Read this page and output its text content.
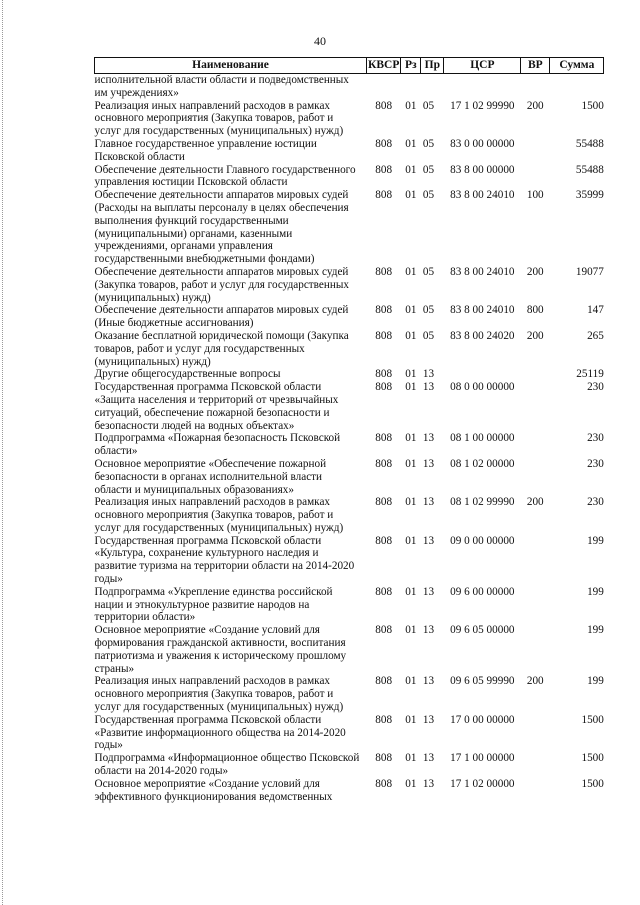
40
Наименование	КВСР	Рз	Пр	ЦСР	ВР	Сумма
исполнительной власти области и подведомственных им учреждениях»						
Реализация иных направлений расходов в рамках основного мероприятия (Закупка товаров, работ и услуг для государственных (муниципальных) нужд)	808	01	05	17 1 02 99990	200	1500
Главное государственное управление юстиции Псковской области	808	01	05	83 0 00 00000		55488
Обеспечение деятельности Главного государственного управления юстиции Псковской области	808	01	05	83 8 00 00000		55488
Обеспечение деятельности аппаратов мировых судей (Расходы на выплаты персоналу в целях обеспечения выполнения функций государственными (муниципальными) органами, казенными учреждениями, органами управления государственными внебюджетными фондами)	808	01	05	83 8 00 24010	100	35999
Обеспечение деятельности аппаратов мировых судей (Закупка товаров, работ и услуг для государственных (муниципальных) нужд)	808	01	05	83 8 00 24010	200	19077
Обеспечение деятельности аппаратов мировых судей (Иные бюджетные ассигнования)	808	01	05	83 8 00 24010	800	147
Оказание бесплатной юридической помощи (Закупка товаров, работ и услуг для государственных (муниципальных) нужд)	808	01	05	83 8 00 24020	200	265
Другие общегосударственные вопросы	808	01	13			25119
Государственная программа Псковской области «Защита населения и территорий от чрезвычайных ситуаций, обеспечение пожарной безопасности и безопасности людей на водных объектах»	808	01	13	08 0 00 00000		230
Подпрограмма «Пожарная безопасность Псковской области»	808	01	13	08 1 00 00000		230
Основное мероприятие «Обеспечение пожарной безопасности в органах исполнительной власти области и муниципальных образованиях»	808	01	13	08 1 02 00000		230
Реализация иных направлений расходов в рамках основного мероприятия (Закупка товаров, работ и услуг для государственных (муниципальных) нужд)	808	01	13	08 1 02 99990	200	230
Государственная программа Псковской области «Культура, сохранение культурного наследия и развитие туризма на территории области на 2014-2020 годы»	808	01	13	09 0 00 00000		199
Подпрограмма «Укрепление единства российской нации и этнокультурное развитие народов на территории области»	808	01	13	09 6 00 00000		199
Основное мероприятие «Создание условий для формирования гражданской активности, воспитания патриотизма и уважения к историческому прошлому страны»	808	01	13	09 6 05 00000		199
Реализация иных направлений расходов в рамках основного мероприятия (Закупка товаров, работ и услуг для государственных (муниципальных) нужд)	808	01	13	09 6 05 99990	200	199
Государственная программа Псковской области «Развитие информационного общества на 2014-2020 годы»	808	01	13	17 0 00 00000		1500
Подпрограмма «Информационное общество Псковской области на 2014-2020 годы»	808	01	13	17 1 00 00000		1500
Основное мероприятие «Создание условий для эффективного функционирования ведомственных	808	01	13	17 1 02 00000		1500
